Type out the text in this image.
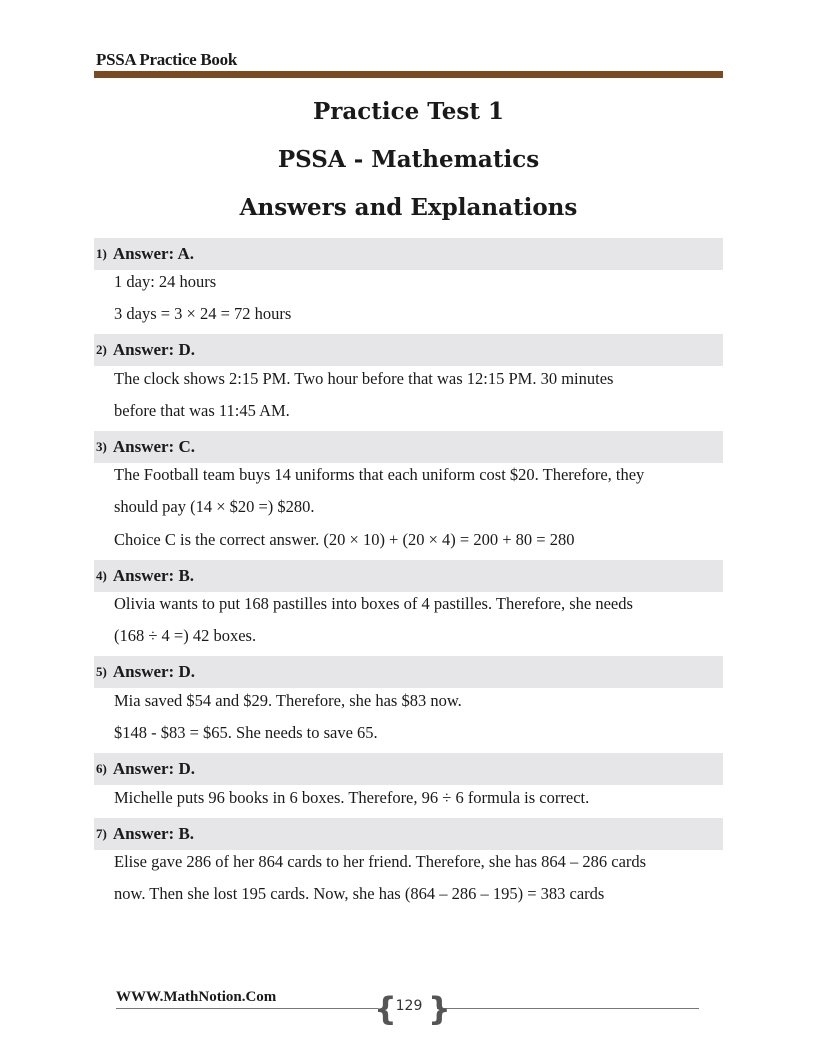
PSSA Practice Book
Practice Test 1
PSSA - Mathematics
Answers and Explanations
1) Answer: A.
1 day: 24 hours
3 days = 3 × 24 = 72 hours
2) Answer: D.
The clock shows 2:15 PM. Two hour before that was 12:15 PM. 30 minutes
before that was 11:45 AM.
3) Answer: C.
The Football team buys 14 uniforms that each uniform cost $20. Therefore, they
should pay (14 × $20 =) $280.
Choice C is the correct answer. (20 × 10) + (20 × 4) = 200 + 80 = 280
4) Answer: B.
Olivia wants to put 168 pastilles into boxes of 4 pastilles. Therefore, she needs
(168 ÷ 4 =) 42 boxes.
5) Answer: D.
Mia saved $54 and $29. Therefore, she has $83 now.
$148 - $83 = $65. She needs to save 65.
6) Answer: D.
Michelle puts 96 books in 6 boxes. Therefore, 96 ÷ 6 formula is correct.
7) Answer: B.
Elise gave 286 of her 864 cards to her friend. Therefore, she has 864 – 286 cards
now. Then she lost 195 cards. Now, she has (864 – 286 – 195) = 383 cards
WWW.MathNotion.Com	{
129 }
